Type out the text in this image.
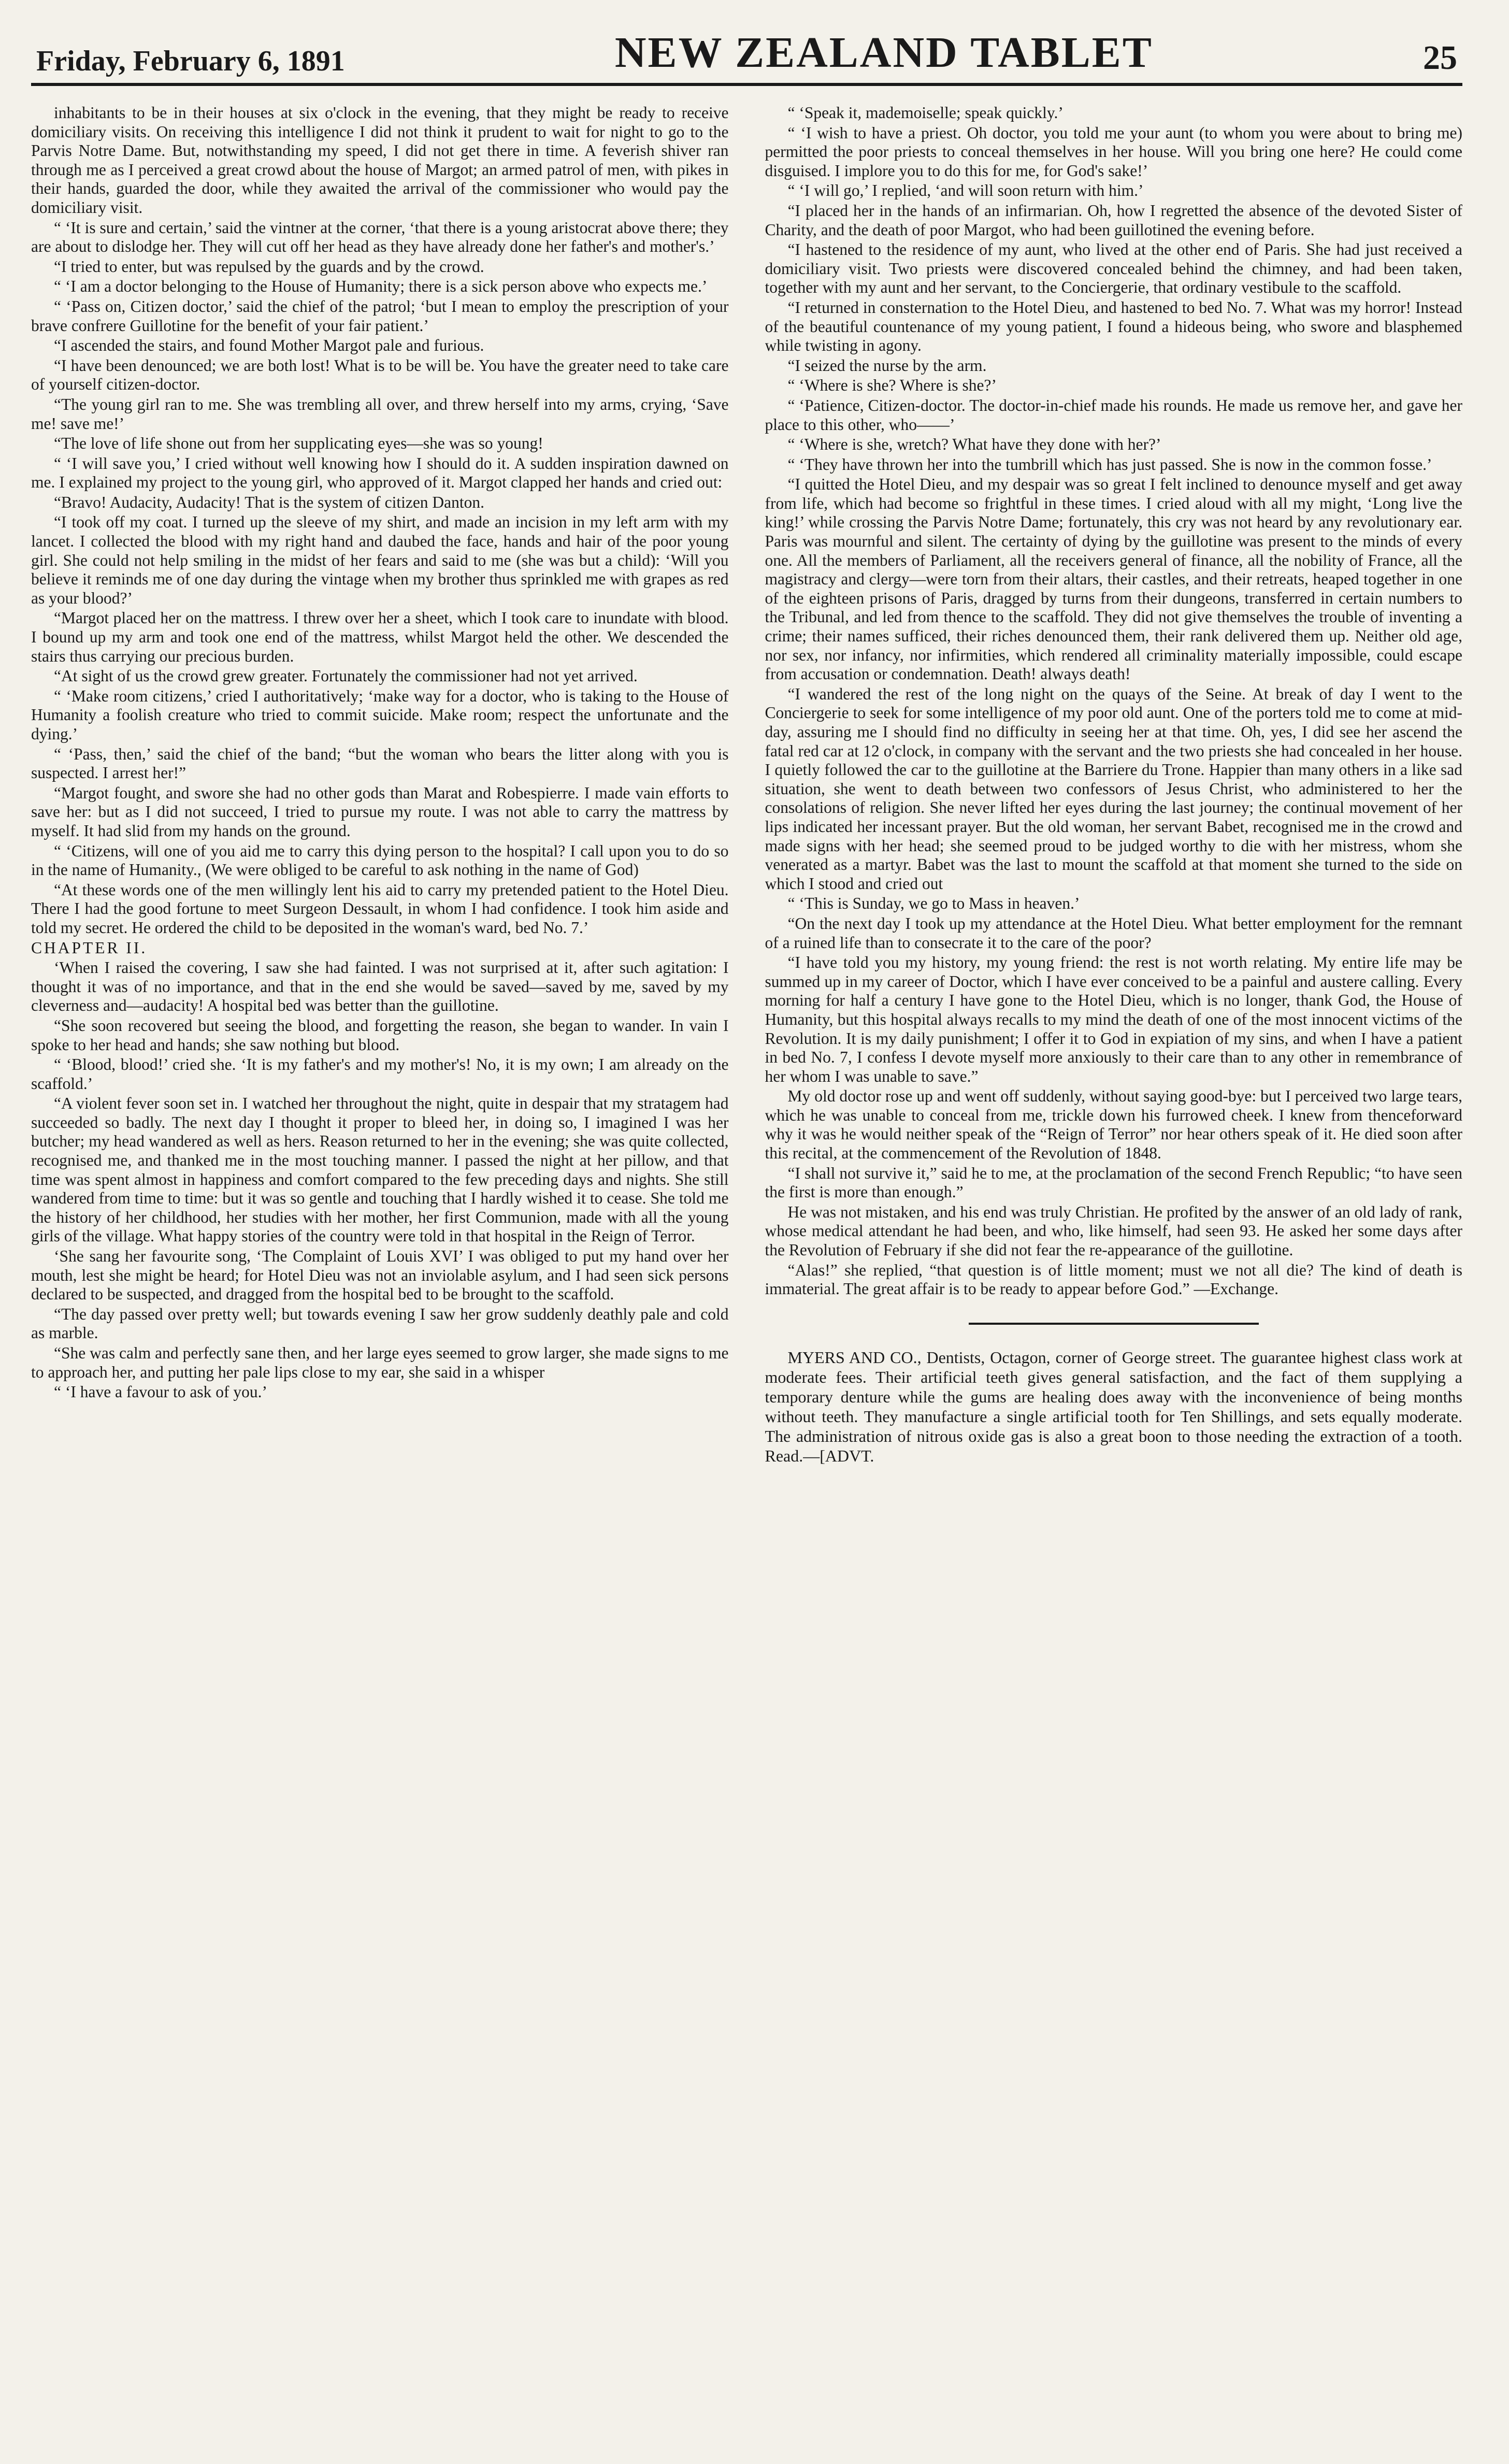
Friday, February 6, 1891	NEW ZEALAND TABLET	25

inhabitants to be in their houses at six o'clock in the evening, that they might be ready to receive domiciliary visits. On receiving this intelligence I did not think it prudent to wait for night to go to the Parvis Notre Dame. But, notwithstanding my speed, I did not get there in time. A feverish shiver ran through me as I perceived a great crowd about the house of Margot; an armed patrol of men, with pikes in their hands, guarded the door, while they awaited the arrival of the commissioner who would pay the domiciliary visit.

“ ‘It is sure and certain,’ said the vintner at the corner, ‘that there is a young aristocrat above there; they are about to dislodge her. They will cut off her head as they have already done her father's and mother's.’

“I tried to enter, but was repulsed by the guards and by the crowd.

“ ‘I am a doctor belonging to the House of Humanity; there is a sick person above who expects me.’

“ ‘Pass on, Citizen doctor,’ said the chief of the patrol; ‘but I mean to employ the prescription of your brave confrere Guillotine for the benefit of your fair patient.’

“I ascended the stairs, and found Mother Margot pale and furious.

“I have been denounced; we are both lost! What is to be will be. You have the greater need to take care of yourself citizen-doctor.

“The young girl ran to me. She was trembling all over, and threw herself into my arms, crying, ‘Save me! save me!’

“The love of life shone out from her supplicating eyes—she was so young!

“ ‘I will save you,’ I cried without well knowing how I should do it. A sudden inspiration dawned on me. I explained my project to the young girl, who approved of it. Margot clapped her hands and cried out:

“Bravo! Audacity, Audacity! That is the system of citizen Danton.

“I took off my coat. I turned up the sleeve of my shirt, and made an incision in my left arm with my lancet. I collected the blood with my right hand and daubed the face, hands and hair of the poor young girl. She could not help smiling in the midst of her fears and said to me (she was but a child): ‘Will you believe it reminds me of one day during the vintage when my brother thus sprinkled me with grapes as red as your blood?’

“Margot placed her on the mattress. I threw over her a sheet, which I took care to inundate with blood. I bound up my arm and took one end of the mattress, whilst Margot held the other. We descended the stairs thus carrying our precious burden.

“At sight of us the crowd grew greater. Fortunately the commissioner had not yet arrived.

“ ‘Make room citizens,’ cried I authoritatively; ‘make way for a doctor, who is taking to the House of Humanity a foolish creature who tried to commit suicide. Make room; respect the unfortunate and the dying.’

“ ‘Pass, then,’ said the chief of the band; “but the woman who bears the litter along with you is suspected. I arrest her!”

“Margot fought, and swore she had no other gods than Marat and Robespierre. I made vain efforts to save her: but as I did not succeed, I tried to pursue my route. I was not able to carry the mattress by myself. It had slid from my hands on the ground.

“ ‘Citizens, will one of you aid me to carry this dying person to the hospital? I call upon you to do so in the name of Humanity., (We were obliged to be careful to ask nothing in the name of God)

“At these words one of the men willingly lent his aid to carry my pretended patient to the Hotel Dieu. There I had the good fortune to meet Surgeon Dessault, in whom I had confidence. I took him aside and told my secret. He ordered the child to be deposited in the woman's ward, bed No. 7.’

CHAPTER II.

‘When I raised the covering, I saw she had fainted. I was not surprised at it, after such agitation: I thought it was of no importance, and that in the end she would be saved—saved by me, saved by my cleverness and—audacity! A hospital bed was better than the guillotine.

“She soon recovered but seeing the blood, and forgetting the reason, she began to wander. In vain I spoke to her head and hands; she saw nothing but blood.

“ ‘Blood, blood!’ cried she. ‘It is my father's and my mother's! No, it is my own; I am already on the scaffold.’

“A violent fever soon set in. I watched her throughout the night, quite in despair that my stratagem had succeeded so badly. The next day I thought it proper to bleed her, in doing so, I imagined I was her butcher; my head wandered as well as hers. Reason returned to her in the evening; she was quite collected, recognised me, and thanked me in the most touching manner. I passed the night at her pillow, and that time was spent almost in happiness and comfort compared to the few preceding days and nights. She still wandered from time to time: but it was so gentle and touching that I hardly wished it to cease. She told me the history of her childhood, her studies with her mother, her first Communion, made with all the young girls of the village. What happy stories of the country were told in that hospital in the Reign of Terror.

‘She sang her favourite song, ‘The Complaint of Louis XVI’ I was obliged to put my hand over her mouth, lest she might be heard; for Hotel Dieu was not an inviolable asylum, and I had seen sick persons declared to be suspected, and dragged from the hospital bed to be brought to the scaffold.

“The day passed over pretty well; but towards evening I saw her grow suddenly deathly pale and cold as marble.

“She was calm and perfectly sane then, and her large eyes seemed to grow larger, she made signs to me to approach her, and putting her pale lips close to my ear, she said in a whisper

“ ‘I have a favour to ask of you.’

“ ‘Speak it, mademoiselle; speak quickly.’

“ ‘I wish to have a priest. Oh doctor, you told me your aunt (to whom you were about to bring me) permitted the poor priests to conceal themselves in her house. Will you bring one here? He could come disguised. I implore you to do this for me, for God's sake!’

“ ‘I will go,’ I replied, ‘and will soon return with him.’

“I placed her in the hands of an infirmarian. Oh, how I regretted the absence of the devoted Sister of Charity, and the death of poor Margot, who had been guillotined the evening before.

“I hastened to the residence of my aunt, who lived at the other end of Paris. She had just received a domiciliary visit. Two priests were discovered concealed behind the chimney, and had been taken, together with my aunt and her servant, to the Conciergerie, that ordinary vestibule to the scaffold.

“I returned in consternation to the Hotel Dieu, and hastened to bed No. 7. What was my horror! Instead of the beautiful countenance of my young patient, I found a hideous being, who swore and blasphemed while twisting in agony.

“I seized the nurse by the arm.

“ ‘Where is she? Where is she?’

“ ‘Patience, Citizen-doctor. The doctor-in-chief made his rounds. He made us remove her, and gave her place to this other, who——’

“ ‘Where is she, wretch? What have they done with her?’

“ ‘They have thrown her into the tumbrill which has just passed. She is now in the common fosse.’

“I quitted the Hotel Dieu, and my despair was so great I felt inclined to denounce myself and get away from life, which had become so frightful in these times. I cried aloud with all my might, ‘Long live the king!’ while crossing the Parvis Notre Dame; fortunately, this cry was not heard by any revolutionary ear. Paris was mournful and silent. The certainty of dying by the guillotine was present to the minds of every one. All the members of Parliament, all the receivers general of finance, all the nobility of France, all the magistracy and clergy—were torn from their altars, their castles, and their retreats, heaped together in one of the eighteen prisons of Paris, dragged by turns from their dungeons, transferred in certain numbers to the Tribunal, and led from thence to the scaffold. They did not give themselves the trouble of inventing a crime; their names sufficed, their riches denounced them, their rank delivered them up. Neither old age, nor sex, nor infancy, nor infirmities, which rendered all criminality materially impossible, could escape from accusation or condemnation. Death! always death!

“I wandered the rest of the long night on the quays of the Seine. At break of day I went to the Conciergerie to seek for some intelligence of my poor old aunt. One of the porters told me to come at mid-day, assuring me I should find no difficulty in seeing her at that time. Oh, yes, I did see her ascend the fatal red car at 12 o'clock, in company with the servant and the two priests she had concealed in her house. I quietly followed the car to the guillotine at the Barriere du Trone. Happier than many others in a like sad situation, she went to death between two confessors of Jesus Christ, who administered to her the consolations of religion. She never lifted her eyes during the last journey; the continual movement of her lips indicated her incessant prayer. But the old woman, her servant Babet, recognised me in the crowd and made signs with her head; she seemed proud to be judged worthy to die with her mistress, whom she venerated as a martyr. Babet was the last to mount the scaffold at that moment she turned to the side on which I stood and cried out

“ ‘This is Sunday, we go to Mass in heaven.’

“On the next day I took up my attendance at the Hotel Dieu. What better employment for the remnant of a ruined life than to consecrate it to the care of the poor?

“I have told you my history, my young friend: the rest is not worth relating. My entire life may be summed up in my career of Doctor, which I have ever conceived to be a painful and austere calling. Every morning for half a century I have gone to the Hotel Dieu, which is no longer, thank God, the House of Humanity, but this hospital always recalls to my mind the death of one of the most innocent victims of the Revolution. It is my daily punishment; I offer it to God in expiation of my sins, and when I have a patient in bed No. 7, I confess I devote myself more anxiously to their care than to any other in remembrance of her whom I was unable to save.”

My old doctor rose up and went off suddenly, without saying good-bye: but I perceived two large tears, which he was unable to conceal from me, trickle down his furrowed cheek. I knew from thenceforward why it was he would neither speak of the “Reign of Terror” nor hear others speak of it. He died soon after this recital, at the commencement of the Revolution of 1848.

“I shall not survive it,” said he to me, at the proclamation of the second French Republic; “to have seen the first is more than enough.”

He was not mistaken, and his end was truly Christian. He profited by the answer of an old lady of rank, whose medical attendant he had been, and who, like himself, had seen 93. He asked her some days after the Revolution of February if she did not fear the re-appearance of the guillotine.

“Alas!” she replied, “that question is of little moment; must we not all die? The kind of death is immaterial. The great affair is to be ready to appear before God.” —Exchange.

MYERS AND CO., Dentists, Octagon, corner of George street. The guarantee highest class work at moderate fees. Their artificial teeth gives general satisfaction, and the fact of them supplying a temporary denture while the gums are healing does away with the inconvenience of being months without teeth. They manufacture a single artificial tooth for Ten Shillings, and sets equally moderate. The administration of nitrous oxide gas is also a great boon to those needing the extraction of a tooth. Read.—[ADVT.
